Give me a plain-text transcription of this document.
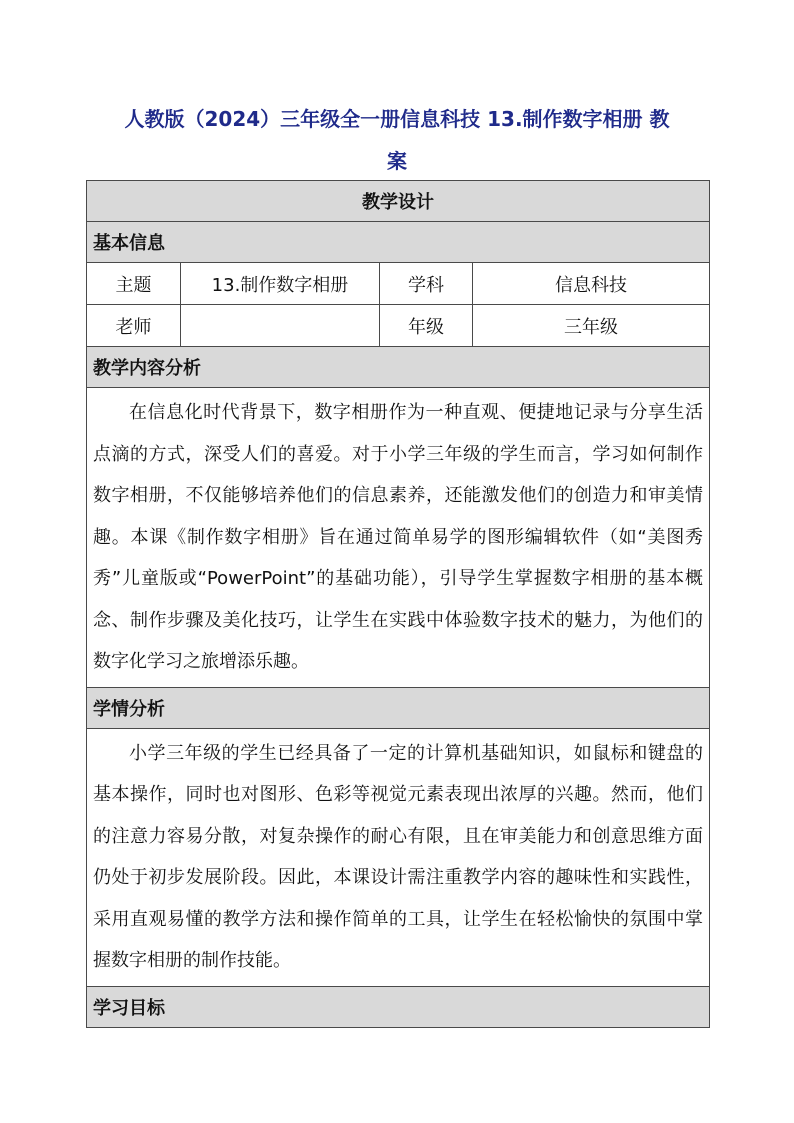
人教版（2024）三年级全一册信息科技 13.制作数字相册 教
案
教学设计			
基本信息			
主题	13.制作数字相册	学科	信息科技
老师		年级	三年级
教学内容分析			
在信息化时代背景下，数字相册作为一种直观、便捷地记录与分享生活点滴的方式，深受人们的喜爱。对于小学三年级的学生而言，学习如何制作数字相册，不仅能够培养他们的信息素养，还能激发他们的创造力和审美情趣。本课《制作数字相册》旨在通过简单易学的图形编辑软件（如“美图秀秀”儿童版或“PowerPoint”的基础功能），引导学生掌握数字相册的基本概念、制作步骤及美化技巧，让学生在实践中体验数字技术的魅力，为他们的数字化学习之旅增添乐趣。			
学情分析			
小学三年级的学生已经具备了一定的计算机基础知识，如鼠标和键盘的基本操作，同时也对图形、色彩等视觉元素表现出浓厚的兴趣。然而，他们的注意力容易分散，对复杂操作的耐心有限，且在审美能力和创意思维方面仍处于初步发展阶段。因此，本课设计需注重教学内容的趣味性和实践性，采用直观易懂的教学方法和操作简单的工具，让学生在轻松愉快的氛围中掌握数字相册的制作技能。			
学习目标			
